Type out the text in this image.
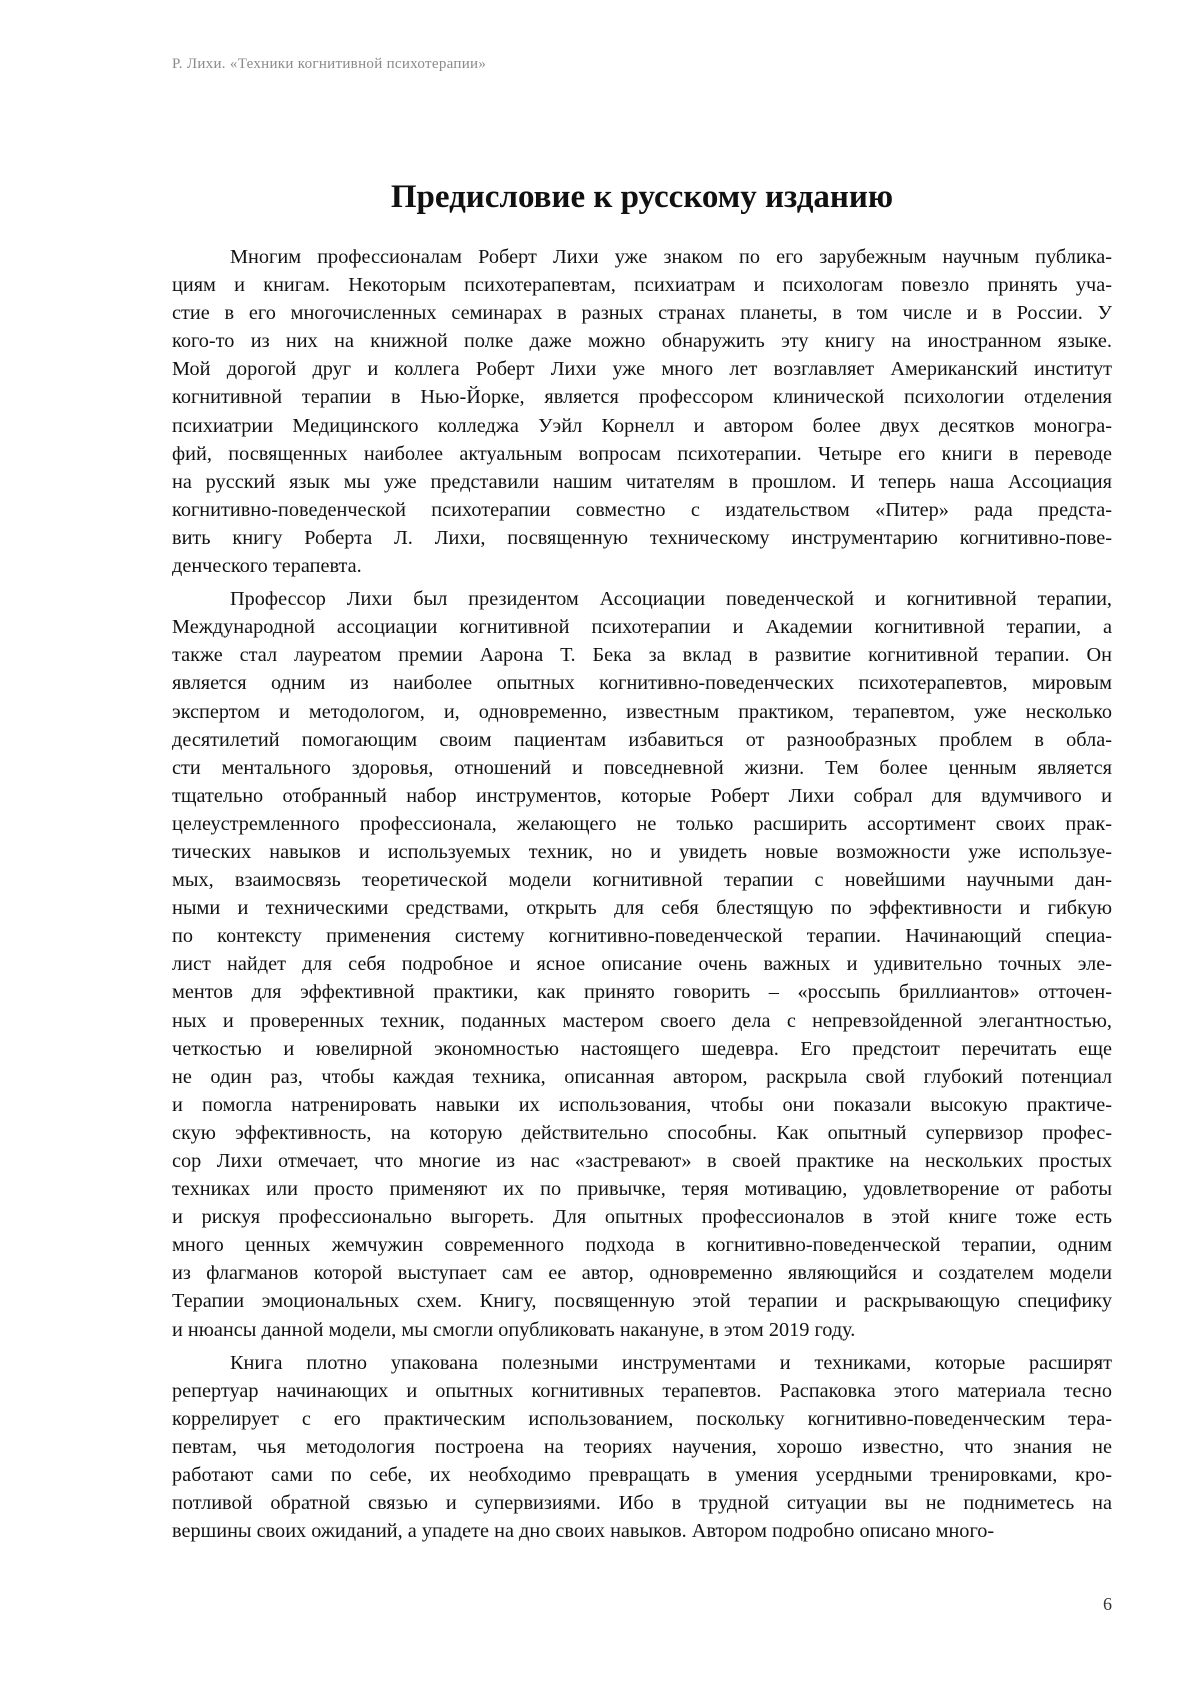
Р. Лихи. «Техники когнитивной психотерапии»
Предисловие к русскому изданию

Многим профессионалам Роберт Лихи уже знаком по его зарубежным научным публика-
циям и книгам. Некоторым психотерапевтам, психиатрам и психологам повезло принять уча-
стие в его многочисленных семинарах в разных странах планеты, в том числе и в России. У
кого-то из них на книжной полке даже можно обнаружить эту книгу на иностранном языке.
Мой дорогой друг и коллега Роберт Лихи уже много лет возглавляет Американский институт
когнитивной терапии в Нью-Йорке, является профессором клинической психологии отделения
психиатрии Медицинского колледжа Уэйл Корнелл и автором более двух десятков моногра-
фий, посвященных наиболее актуальным вопросам психотерапии. Четыре его книги в переводе
на русский язык мы уже представили нашим читателям в прошлом. И теперь наша Ассоциация
когнитивно-поведенческой психотерапии совместно с издательством «Питер» рада предста-
вить книгу Роберта Л. Лихи, посвященную техническому инструментарию когнитивно-пове-
денческого терапевта.

Профессор Лихи был президентом Ассоциации поведенческой и когнитивной терапии,
Международной ассоциации когнитивной психотерапии и Академии когнитивной терапии, а
также стал лауреатом премии Аарона Т. Бека за вклад в развитие когнитивной терапии. Он
является одним из наиболее опытных когнитивно-поведенческих психотерапевтов, мировым
экспертом и методологом, и, одновременно, известным практиком, терапевтом, уже несколько
десятилетий помогающим своим пациентам избавиться от разнообразных проблем в обла-
сти ментального здоровья, отношений и повседневной жизни. Тем более ценным является
тщательно отобранный набор инструментов, которые Роберт Лихи собрал для вдумчивого и
целеустремленного профессионала, желающего не только расширить ассортимент своих прак-
тических навыков и используемых техник, но и увидеть новые возможности уже используе-
мых, взаимосвязь теоретической модели когнитивной терапии с новейшими научными дан-
ными и техническими средствами, открыть для себя блестящую по эффективности и гибкую
по контексту применения систему когнитивно-поведенческой терапии. Начинающий специа-
лист найдет для себя подробное и ясное описание очень важных и удивительно точных эле-
ментов для эффективной практики, как принято говорить – «россыпь бриллиантов» отточен-
ных и проверенных техник, поданных мастером своего дела с непревзойденной элегантностью,
четкостью и ювелирной экономностью настоящего шедевра. Его предстоит перечитать еще
не один раз, чтобы каждая техника, описанная автором, раскрыла свой глубокий потенциал
и помогла натренировать навыки их использования, чтобы они показали высокую практиче-
скую эффективность, на которую действительно способны. Как опытный супервизор профес-
сор Лихи отмечает, что многие из нас «застревают» в своей практике на нескольких простых
техниках или просто применяют их по привычке, теряя мотивацию, удовлетворение от работы
и рискуя профессионально выгореть. Для опытных профессионалов в этой книге тоже есть
много ценных жемчужин современного подхода в когнитивно-поведенческой терапии, одним
из флагманов которой выступает сам ее автор, одновременно являющийся и создателем модели
Терапии эмоциональных схем. Книгу, посвященную этой терапии и раскрывающую специфику
и нюансы данной модели, мы смогли опубликовать накануне, в этом 2019 году.

Книга плотно упакована полезными инструментами и техниками, которые расширят
репертуар начинающих и опытных когнитивных терапевтов. Распаковка этого материала тесно
коррелирует с его практическим использованием, поскольку когнитивно-поведенческим тера-
певтам, чья методология построена на теориях научения, хорошо известно, что знания не
работают сами по себе, их необходимо превращать в умения усердными тренировками, кро-
потливой обратной связью и супервизиями. Ибо в трудной ситуации вы не подниметесь на
вершины своих ожиданий, а упадете на дно своих навыков. Автором подробно описано много-

6
